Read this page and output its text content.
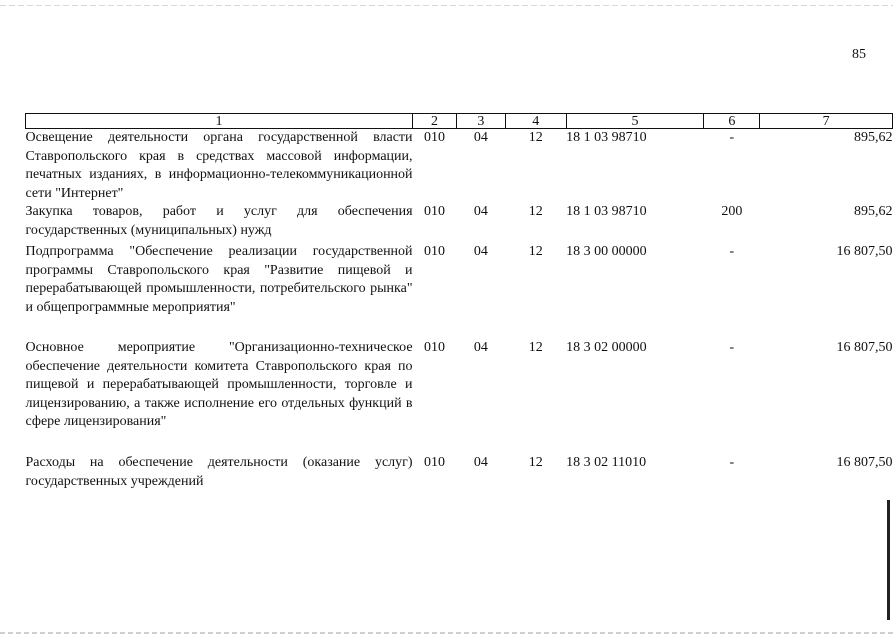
85
1	2	3	4	5	6	7
Освещение деятельности органа государственной власти Ставропольского края в средствах массовой информации, печатных изданиях, в информационно-телекоммуникационной сети "Интернет"	010	04	12	18 1 03 98710	-	895,62
Закупка товаров, работ и услуг для обеспечения государственных (муниципальных) нужд	010	04	12	18 1 03 98710	200	895,62
Подпрограмма "Обеспечение реализации государственной программы Ставропольского края "Развитие пищевой и перерабатывающей промышленности, потребительского рынка" и общепрограммные мероприятия"	010	04	12	18 3 00 00000	-	16 807,50
Основное мероприятие "Организационно-техническое обеспечение деятельности комитета Ставропольского края по пищевой и перерабатывающей промышленности, торговле и лицензированию, а также исполнение его отдельных функций в сфере лицензирования"	010	04	12	18 3 02 00000	-	16 807,50
Расходы на обеспечение деятельности (оказание услуг) государственных учреждений	010	04	12	18 3 02 11010	-	16 807,50
